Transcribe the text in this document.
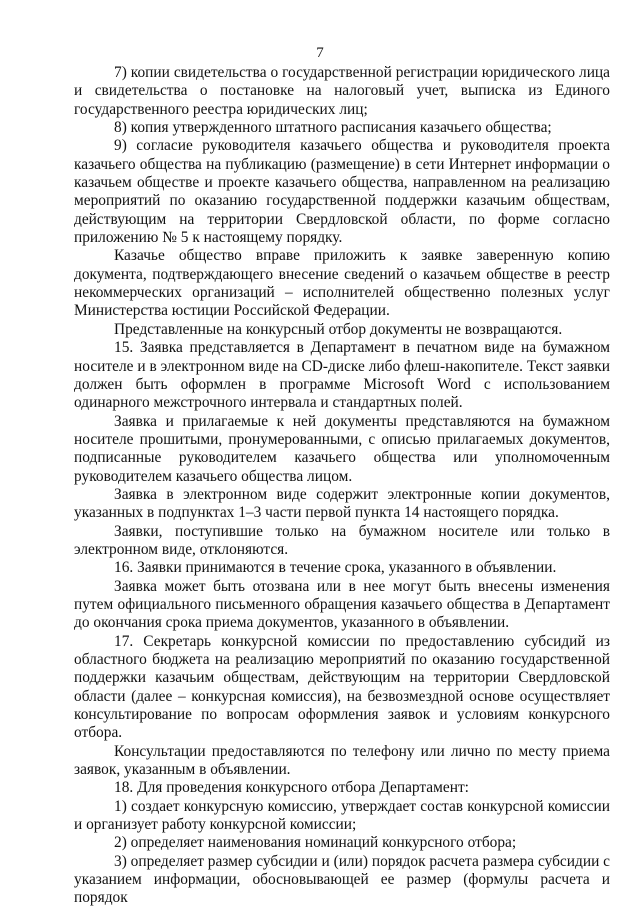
7

7) копии свидетельства о государственной регистрации юридического лица и свидетельства о постановке на налоговый учет, выписка из Единого государственного реестра юридических лиц;

8) копия утвержденного штатного расписания казачьего общества;

9) согласие руководителя казачьего общества и руководителя проекта казачьего общества на публикацию (размещение) в сети Интернет информации о казачьем обществе и проекте казачьего общества, направленном на реализацию мероприятий по оказанию государственной поддержки казачьим обществам, действующим на территории Свердловской области, по форме согласно приложению № 5 к настоящему порядку.

Казачье общество вправе приложить к заявке заверенную копию документа, подтверждающего внесение сведений о казачьем обществе в реестр некоммерческих организаций – исполнителей общественно полезных услуг Министерства юстиции Российской Федерации.

Представленные на конкурсный отбор документы не возвращаются.

15. Заявка представляется в Департамент в печатном виде на бумажном носителе и в электронном виде на CD-диске либо флеш-накопителе. Текст заявки должен быть оформлен в программе Microsoft Word с использованием одинарного межстрочного интервала и стандартных полей.

Заявка и прилагаемые к ней документы представляются на бумажном носителе прошитыми, пронумерованными, с описью прилагаемых документов, подписанные руководителем казачьего общества или уполномоченным руководителем казачьего общества лицом.

Заявка в электронном виде содержит электронные копии документов, указанных в подпунктах 1–3 части первой пункта 14 настоящего порядка.

Заявки, поступившие только на бумажном носителе или только в электронном виде, отклоняются.

16. Заявки принимаются в течение срока, указанного в объявлении.

Заявка может быть отозвана или в нее могут быть внесены изменения путем официального письменного обращения казачьего общества в Департамент до окончания срока приема документов, указанного в объявлении.

17. Секретарь конкурсной комиссии по предоставлению субсидий из областного бюджета на реализацию мероприятий по оказанию государственной поддержки казачьим обществам, действующим на территории Свердловской области (далее – конкурсная комиссия), на безвозмездной основе осуществляет консультирование по вопросам оформления заявок и условиям конкурсного отбора.

Консультации предоставляются по телефону или лично по месту приема заявок, указанным в объявлении.

18. Для проведения конкурсного отбора Департамент:

1) создает конкурсную комиссию, утверждает состав конкурсной комиссии и организует работу конкурсной комиссии;

2) определяет наименования номинаций конкурсного отбора;

3) определяет размер субсидии и (или) порядок расчета размера субсидии с указанием информации, обосновывающей ее размер (формулы расчета и порядок
